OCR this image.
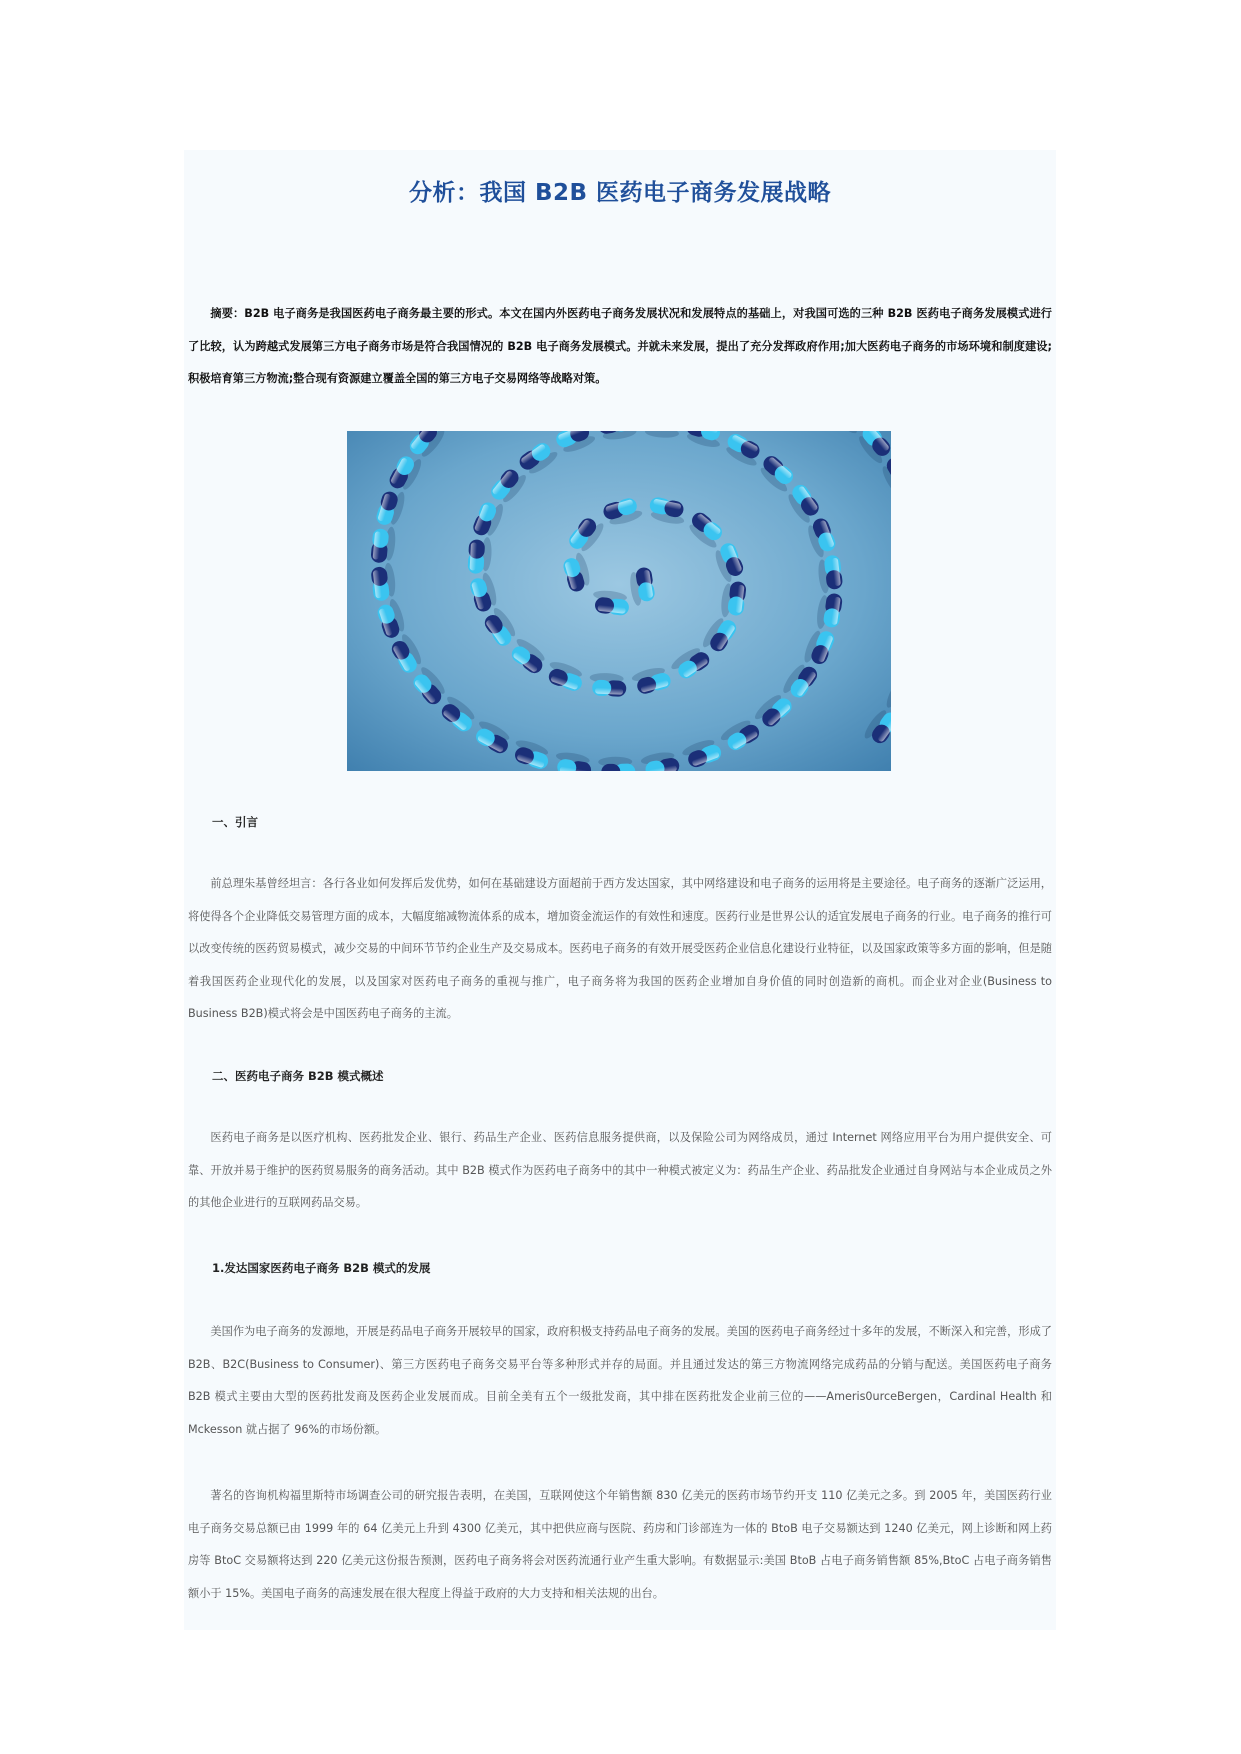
分析：我国 B2B 医药电子商务发展战略

摘要：B2B 电子商务是我国医药电子商务最主要的形式。本文在国内外医药电子商务发展状况和发展特点的基础上，对我国可选的三种 B2B 医药电子商务发展模式进行了比较，认为跨越式发展第三方电子商务市场是符合我国情况的 B2B 电子商务发展模式。并就未来发展，提出了充分发挥政府作用;加大医药电子商务的市场环境和制度建设;积极培育第三方物流;整合现有资源建立覆盖全国的第三方电子交易网络等战略对策。

一、引言

前总理朱基曾经坦言：各行各业如何发挥后发优势，如何在基础建设方面超前于西方发达国家，其中网络建设和电子商务的运用将是主要途径。电子商务的逐渐广泛运用，将使得各个企业降低交易管理方面的成本，大幅度缩减物流体系的成本，增加资金流运作的有效性和速度。医药行业是世界公认的适宜发展电子商务的行业。电子商务的推行可以改变传统的医药贸易模式，减少交易的中间环节节约企业生产及交易成本。医药电子商务的有效开展受医药企业信息化建设行业特征，以及国家政策等多方面的影响，但是随着我国医药企业现代化的发展，以及国家对医药电子商务的重视与推广，电子商务将为我国的医药企业增加自身价值的同时创造新的商机。而企业对企业(Business to Business B2B)模式将会是中国医药电子商务的主流。

二、医药电子商务 B2B 模式概述

医药电子商务是以医疗机构、医药批发企业、银行、药品生产企业、医药信息服务提供商，以及保险公司为网络成员，通过 Internet 网络应用平台为用户提供安全、可靠、开放并易于维护的医药贸易服务的商务活动。其中 B2B 模式作为医药电子商务中的其中一种模式被定义为：药品生产企业、药品批发企业通过自身网站与本企业成员之外的其他企业进行的互联网药品交易。

1.发达国家医药电子商务 B2B 模式的发展

美国作为电子商务的发源地，开展是药品电子商务开展较早的国家，政府积极支持药品电子商务的发展。美国的医药电子商务经过十多年的发展，不断深入和完善，形成了 B2B、B2C(Business to Consumer)、第三方医药电子商务交易平台等多种形式并存的局面。并且通过发达的第三方物流网络完成药品的分销与配送。美国医药电子商务 B2B 模式主要由大型的医药批发商及医药企业发展而成。目前全美有五个一级批发商，其中排在医药批发企业前三位的——Ameris0urceBergen，Cardinal Health 和 Mckesson 就占据了 96%的市场份额。

著名的咨询机构福里斯特市场调查公司的研究报告表明，在美国，互联网使这个年销售额 830 亿美元的医药市场节约开支 110 亿美元之多。到 2005 年，美国医药行业电子商务交易总额已由 1999 年的 64 亿美元上升到 4300 亿美元，其中把供应商与医院、药房和门诊部连为一体的 BtoB 电子交易额达到 1240 亿美元，网上诊断和网上药房等 BtoC 交易额将达到 220 亿美元这份报告预测，医药电子商务将会对医药流通行业产生重大影响。有数据显示:美国 BtoB 占电子商务销售额 85%,BtoC 占电子商务销售额小于 15%。美国电子商务的高速发展在很大程度上得益于政府的大力支持和相关法规的出台。
